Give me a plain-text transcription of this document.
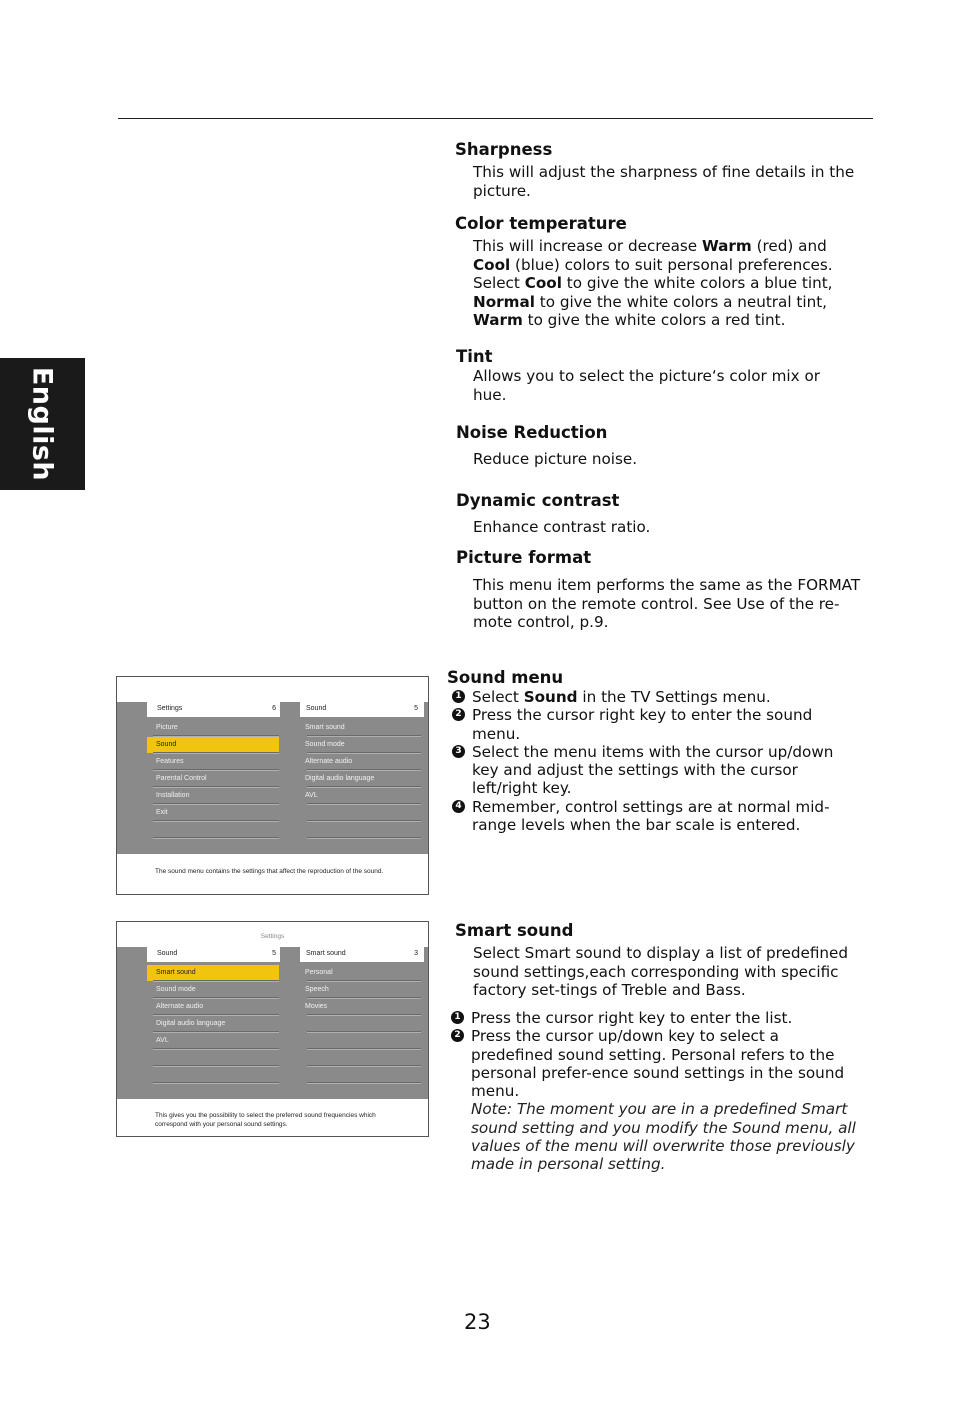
English
Sharpness
This will adjust the sharpness of fine details in the picture.
Color temperature
This will increase or decrease Warm (red) and Cool (blue) colors to suit personal preferences. Select Cool to give the white colors a blue tint, Normal to give the white colors a neutral tint, Warm to give the white colors a red tint.
Tint
Allows you to select the picture‘s color mix or hue.
Noise Reduction
Reduce picture noise.
Dynamic contrast
Enhance contrast ratio.
Picture format
This menu item performs the same as the FORMAT button on the remote control. See Use of the re-mote control, p.9.
Sound menu
1 Select Sound in the TV Settings menu.
2 Press the cursor right key to enter the sound menu.
3 Select the menu items with the cursor up/down key and adjust the settings with the cursor left/right key.
4 Remember, control settings are at normal mid-range levels when the bar scale is entered.
Smart sound
Select Smart sound to display a list of predefined sound settings,each corresponding with specific factory set-tings of Treble and Bass.
1 Press the cursor right key to enter the list.
2 Press the cursor up/down key to select a predefined sound setting. Personal refers to the personal prefer-ence sound settings in the sound menu.
Note: The moment you are in a predefined Smart sound setting and you modify the Sound menu, all values of the menu will overwrite those previously made in personal setting.
Settings	6	Sound	5
Picture
Sound
Features
Parental Control
Installation
Exit
Smart sound
Sound mode
Alternate audio
Digital audio language
AVL
The sound menu contains the settings that affect the reproduction of the sound.
Settings
Sound	5	Smart sound	3
Smart sound
Sound mode
Alternate audio
Digital audio language
AVL
Personal
Speech
Movies
This gives you the possibility to select the preferred sound frequencies which correspond with your personal sound settings.
23
